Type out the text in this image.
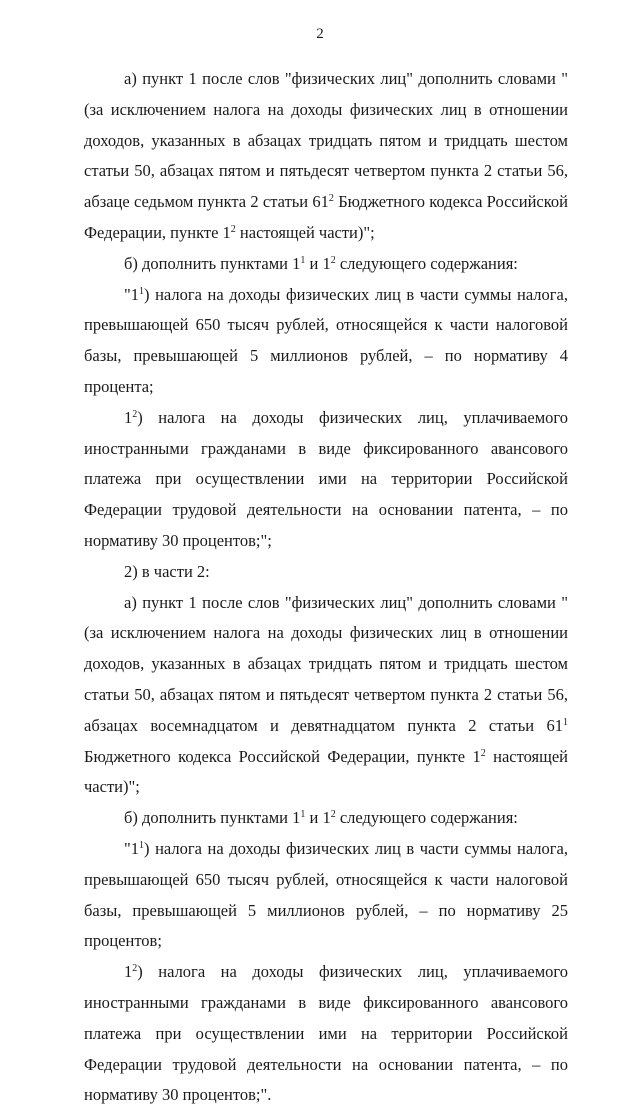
2

а) пункт 1 после слов "физических лиц" дополнить словами "(за исключением налога на доходы физических лиц в отношении доходов, указанных в абзацах тридцать пятом и тридцать шестом статьи 50, абзацах пятом и пятьдесят четвертом пункта 2 статьи 56, абзаце седьмом пункта 2 статьи $61^2$ Бюджетного кодекса Российской Федерации, пункте $1^2$ настоящей части)";

б) дополнить пунктами $1^1$ и $1^2$ следующего содержания:

"$1^1$) налога на доходы физических лиц в части суммы налога, превышающей 650 тысяч рублей, относящейся к части налоговой базы, превышающей 5 миллионов рублей, – по нормативу 4 процента;

$1^2$) налога на доходы физических лиц, уплачиваемого иностранными гражданами в виде фиксированного авансового платежа при осуществлении ими на территории Российской Федерации трудовой деятельности на основании патента, – по нормативу 30 процентов;";

2) в части 2:

а) пункт 1 после слов "физических лиц" дополнить словами "(за исключением налога на доходы физических лиц в отношении доходов, указанных в абзацах тридцать пятом и тридцать шестом статьи 50, абзацах пятом и пятьдесят четвертом пункта 2 статьи 56, абзацах восемнадцатом и девятнадцатом пункта 2 статьи $61^1$ Бюджетного кодекса Российской Федерации, пункте $1^2$ настоящей части)";

б) дополнить пунктами $1^1$ и $1^2$ следующего содержания:

"$1^1$) налога на доходы физических лиц в части суммы налога, превышающей 650 тысяч рублей, относящейся к части налоговой базы, превышающей 5 миллионов рублей, – по нормативу 25 процентов;

$1^2$) налога на доходы физических лиц, уплачиваемого иностранными гражданами в виде фиксированного авансового платежа при осуществлении ими на территории Российской Федерации трудовой деятельности на основании патента, – по нормативу 30 процентов;".
